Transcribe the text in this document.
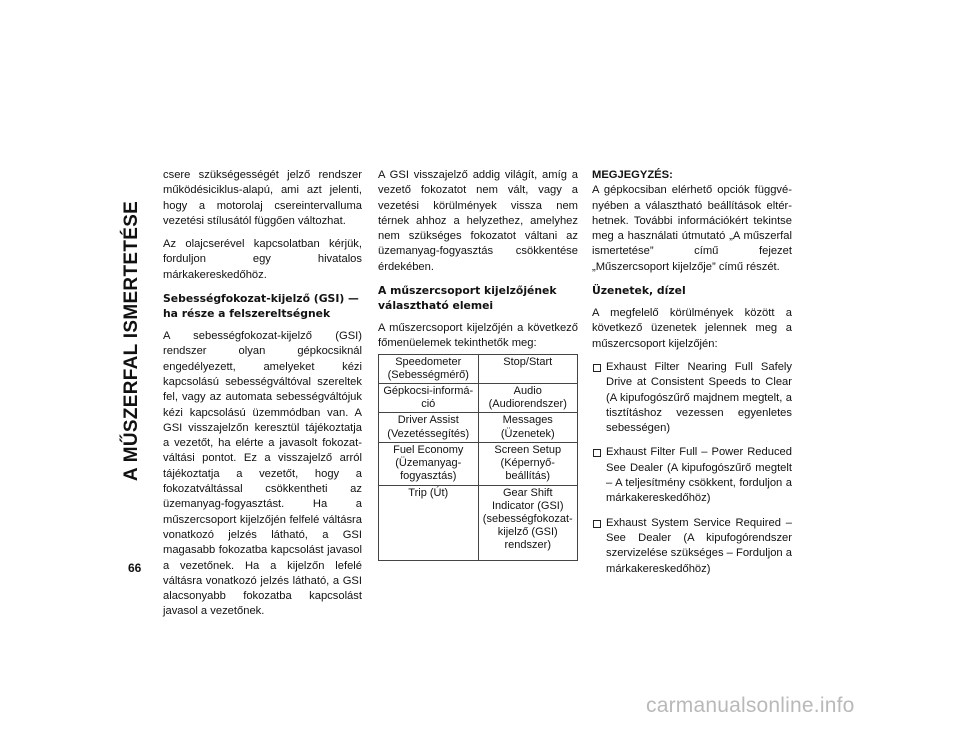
A MŰSZERFAL ISMERTETÉSE
66

csere szükségességét jelző rendszer működésiciklus-alapú, ami azt jelenti, hogy a motorolaj csereintervalluma vezetési stílusától függően változhat.

Az olajcserével kapcsolatban kérjük, forduljon egy hivatalos márkakereskedőhöz.

Sebességfokozat-kijelző (GSI) — ha része a felszereltségnek

A sebességfokozat-kijelző (GSI) rendszer olyan gépkocsiknál engedélyezett, amelyeket kézi kapcsolású sebességváltóval szereltek fel, vagy az automata sebességváltójuk kézi kapcsolású üzemmódban van. A GSI visszajelzőn keresztül tájékoztatja a vezetőt, ha elérte a javasolt fokozatváltási pontot. Ez a visszajelző arról tájékoztatja a vezetőt, hogy a fokozatváltással csökkentheti az üzemanyag-fogyasztást. Ha a műszercsoport kijelzőjén felfelé váltásra vonatkozó jelzés látható, a GSI magasabb fokozatba kapcsolást javasol a vezetőnek. Ha a kijelzőn lefelé váltásra vonatkozó jelzés látható, a GSI alacsonyabb fokozatba kapcsolást javasol a vezetőnek.

A GSI visszajelző addig világít, amíg a vezető fokozatot nem vált, vagy a vezetési körülmények vissza nem térnek ahhoz a helyzethez, amelyhez nem szükséges fokozatot váltani az üzemanyag-fogyasztás csökkentése érdekében.

A műszercsoport kijelzőjének választható elemei

A műszercsoport kijelzőjén a következő főmenüelemek tekinthetők meg:

Speedometer (Sebességmérő)	Stop/Start
Gépkocsi-információ	Audio (Audiorendszer)
Driver Assist (Vezetéssegítés)	Messages (Üzenetek)
Fuel Economy (Üzemanyag-fogyasztás)	Screen Setup (Képernyő-beállítás)
Trip (Út)	Gear Shift Indicator (GSI) (sebességfokozat-kijelző (GSI) rendszer)
MEGJEGYZÉS:

A gépkocsiban elérhető opciók függvényében a választható beállítások eltérhetnek. További információkért tekintse meg a használati útmutató „A műszerfal ismertetése” című fejezet „Műszercsoport kijelzője” című részét.

Üzenetek, dízel

A megfelelő körülmények között a következő üzenetek jelennek meg a műszercsoport kijelzőjén:

Exhaust Filter Nearing Full Safely Drive at Consistent Speeds to Clear (A kipufogószűrő majdnem megtelt, a tisztításhoz vezessen egyenletes sebességen)
Exhaust Filter Full – Power Reduced See Dealer (A kipufogószűrő megtelt – A teljesítmény csökkent, forduljon a márkakereskedőhöz)
Exhaust System Service Required – See Dealer (A kipufogórendszer szervizelése szükséges – Forduljon a márkakereskedőhöz)
carmanualsonline.info
